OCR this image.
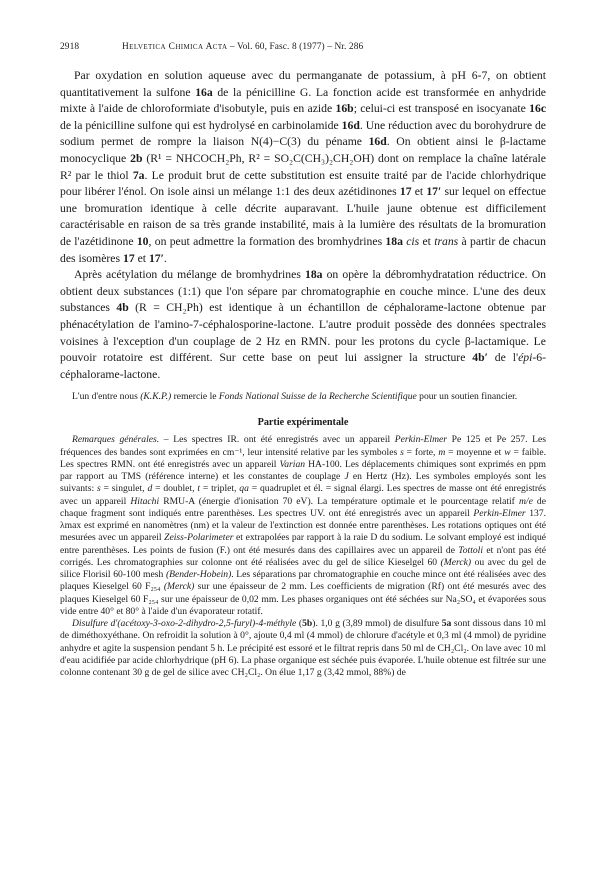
2918	Helvetica Chimica Acta – Vol. 60, Fasc. 8 (1977) – Nr. 286

Par oxydation en solution aqueuse avec du permanganate de potassium, à pH 6-7, on obtient quantitativement la sulfone 16a de la pénicilline G. La fonction acide est transformée en anhydride mixte à l'aide de chloroformiate d'isobutyle, puis en azide 16b; celui-ci est transposé en isocyanate 16c de la pénicilline sulfone qui est hydrolysé en carbinolamide 16d. Une réduction avec du borohydrure de sodium permet de rompre la liaison N(4)−C(3) du péname 16d. On obtient ainsi le β-lactame monocyclique 2b (R¹ = NHCOCH₂Ph, R² = SO₂C(CH₃)₂CH₂OH) dont on remplace la chaîne latérale R² par le thiol 7a. Le produit brut de cette substitution est ensuite traité par de l'acide chlorhydrique pour libérer l'énol. On isole ainsi un mélange 1:1 des deux azétidinones 17 et 17′ sur lequel on effectue une bromuration identique à celle décrite auparavant. L'huile jaune obtenue est difficilement caractérisable en raison de sa très grande instabilité, mais à la lumière des résultats de la bromuration de l'azétidinone 10, on peut admettre la formation des bromhydrines 18a cis et trans à partir de chacun des isomères 17 et 17′.

Après acétylation du mélange de bromhydrines 18a on opère la débromhydratation réductrice. On obtient deux substances (1:1) que l'on sépare par chromatographie en couche mince. L'une des deux substances 4b (R = CH₂Ph) est identique à un échantillon de céphalorame-lactone obtenue par phénacétylation de l'amino-7-céphalosporine-lactone. L'autre produit possède des données spectrales voisines à l'exception d'un couplage de 2 Hz en RMN. pour les protons du cycle β-lactamique. Le pouvoir rotatoire est différent. Sur cette base on peut lui assigner la structure 4b′ de l'épi-6-céphalorame-lactone.

L'un d'entre nous (K.K.P.) remercie le Fonds National Suisse de la Recherche Scientifique pour un soutien financier.

Partie expérimentale

Remarques générales. – Les spectres IR. ont été enregistrés avec un appareil Perkin-Elmer Pe 125 et Pe 257. Les fréquences des bandes sont exprimées en cm⁻¹, leur intensité relative par les symboles s = forte, m = moyenne et w = faible. Les spectres RMN. ont été enregistrés avec un appareil Varian HA-100. Les déplacements chimiques sont exprimés en ppm par rapport au TMS (référence interne) et les constantes de couplage J en Hertz (Hz). Les symboles employés sont les suivants: s = singulet, d = doublet, t = triplet, qa = quadruplet et él. = signal élargi. Les spectres de masse ont été enregistrés avec un appareil Hitachi RMU-A (énergie d'ionisation 70 eV). La température optimale et le pourcentage relatif m/e de chaque fragment sont indiqués entre parenthèses. Les spectres UV. ont été enregistrés avec un appareil Perkin-Elmer 137. λmax est exprimé en nanomètres (nm) et la valeur de l'extinction est donnée entre parenthèses. Les rotations optiques ont été mesurées avec un appareil Zeiss-Polarimeter et extrapolées par rapport à la raie D du sodium. Le solvant employé est indiqué entre parenthèses. Les points de fusion (F.) ont été mesurés dans des capillaires avec un appareil de Tottoli et n'ont pas été corrigés. Les chromatographies sur colonne ont été réalisées avec du gel de silice Kieselgel 60 (Merck) ou avec du gel de silice Florisil 60-100 mesh (Bender-Hobein). Les séparations par chromatographie en couche mince ont été réalisées avec des plaques Kieselgel 60 F₂₅₄ (Merck) sur une épaisseur de 2 mm. Les coefficients de migration (Rf) ont été mesurés avec des plaques Kieselgel 60 F₂₅₄ sur une épaisseur de 0,02 mm. Les phases organiques ont été séchées sur Na₂SO₄ et évaporées sous vide entre 40° et 80° à l'aide d'un évaporateur rotatif.

Disulfure d'(acétoxy-3-oxo-2-dihydro-2,5-furyl)-4-méthyle (5b). 1,0 g (3,89 mmol) de disulfure 5a sont dissous dans 10 ml de diméthoxyéthane. On refroidit la solution à 0°, ajoute 0,4 ml (4 mmol) de chlorure d'acétyle et 0,3 ml (4 mmol) de pyridine anhydre et agite la suspension pendant 5 h. Le précipité est essoré et le filtrat repris dans 50 ml de CH₂Cl₂. On lave avec 10 ml d'eau acidifiée par acide chlorhydrique (pH 6). La phase organique est séchée puis évaporée. L'huile obtenue est filtrée sur une colonne contenant 30 g de gel de silice avec CH₂Cl₂. On élue 1,17 g (3,42 mmol, 88%) de
